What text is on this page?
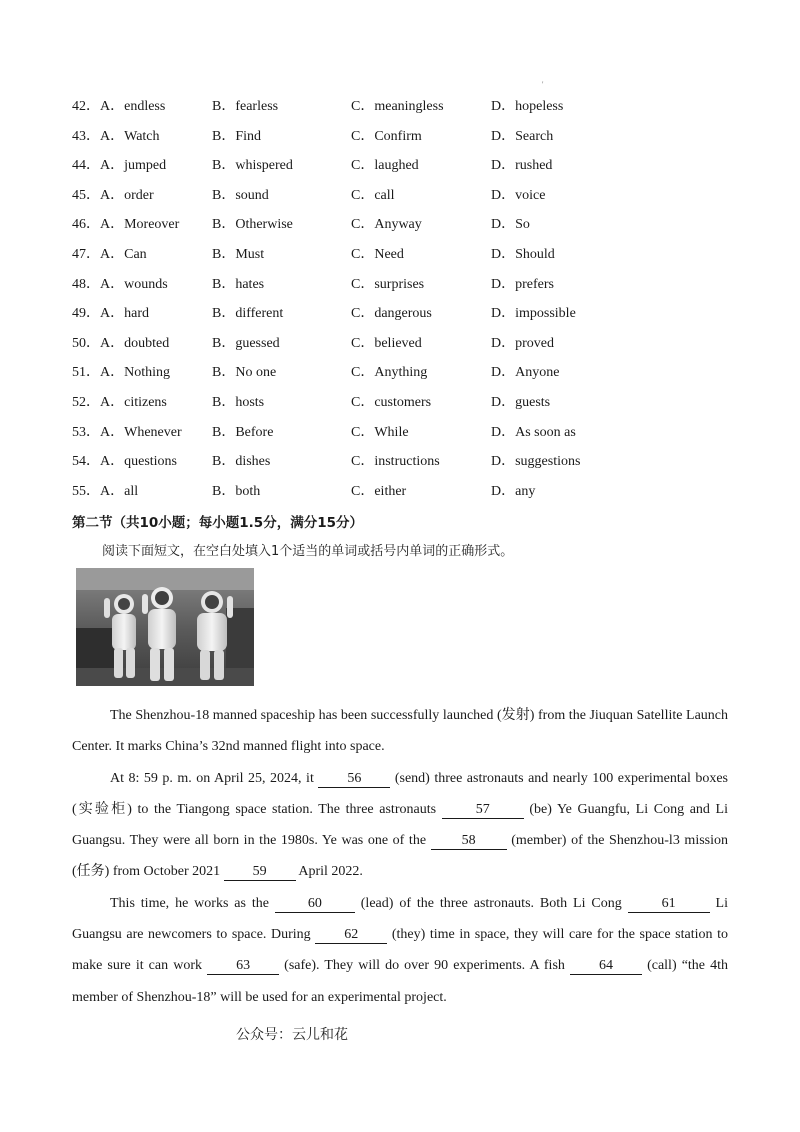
'
42．A．endless	B．fearless	C．meaningless	D．hopeless
43．A．Watch	B．Find	C．Confirm	D．Search
44．A．jumped	B．whispered	C．laughed	D．rushed
45．A．order	B．sound	C．call	D．voice
46．A．Moreover B．Otherwise	C．Anyway	D．So
47．A．Can	B．Must	C．Need	D．Should
48．A．wounds	B．hates	C．surprises	D．prefers
49．A．hard	B．different	C．dangerous	D．impossible
50．A．doubted	B．guessed	C．believed	D．proved
51．A．Nothing	B．No one	C．Anything	D．Anyone
52．A．citizens	B．hosts	C．customers	D．guests
53．A．Whenever B．Before	C．While	D．As soon as
54．A．questions	B．dishes	C．instructions	D．suggestions
55．A．all	B．both	C．either	D．any
第二节（共10小题；每小题1.5分，满分15分）
阅读下面短文，在空白处填入1个适当的单词或括号内单词的正确形式。

The Shenzhou-18 manned spaceship has been successfully launched (发射) from the Jiuquan Satellite Launch Center. It marks China’s 32nd manned flight into space.

At 8: 59 p. m. on April 25, 2024, it 56 (send) three astronauts and nearly 100 experimental boxes (实验柜) to the Tiangong space station. The three astronauts 57 (be) Ye Guangfu, Li Cong and Li Guangsu. They were all born in the 1980s. Ye was one of the 58 (member) of the Shenzhou-l3 mission (任务) from October 2021 59 April 2022.

This time, he works as the 60 (lead) of the three astronauts. Both Li Cong 61 Li Guangsu are newcomers to space. During 62 (they) time in space, they will care for the space station to make sure it can work 63 (safe). They will do over 90 experiments. A fish 64 (call) “the 4th member of Shenzhou-18” will be used for an experimental project.

公众号：云儿和花
